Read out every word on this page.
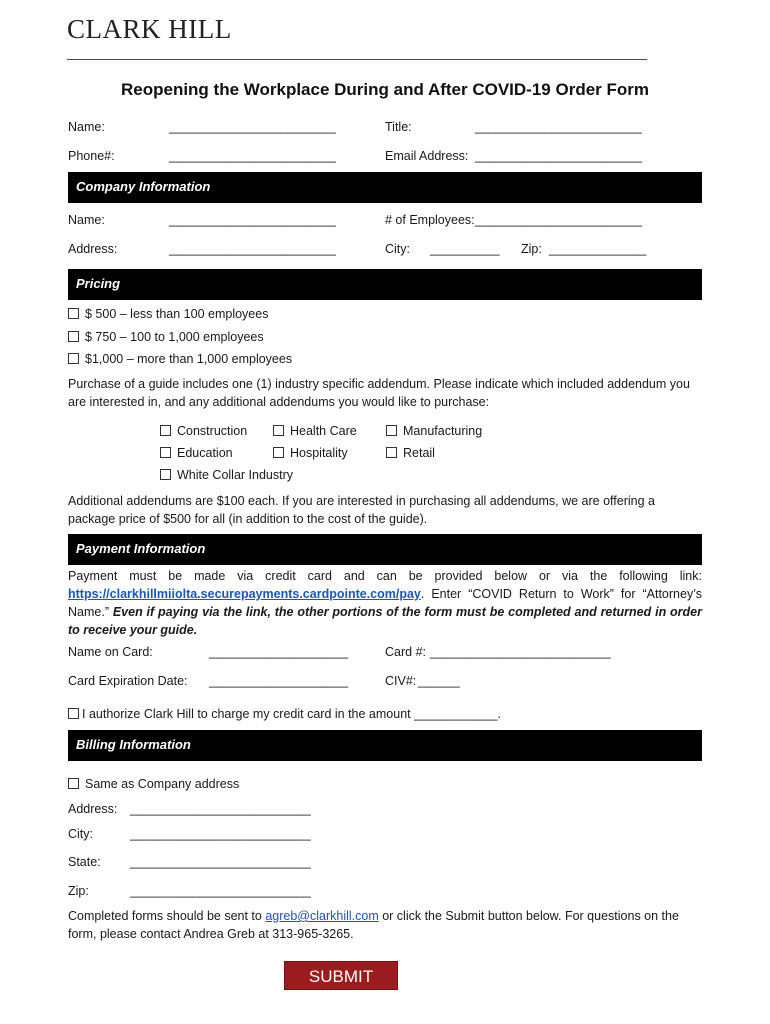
CLARK HILL
Reopening the Workplace During and After COVID-19 Order Form
Name:	________________________	Title:	________________________
Phone#:	________________________	Email Address: ________________________
Company Information
Name:	________________________	# of Employees: ________________________
Address:	________________________	City: __________ Zip: ______________
Pricing
$ 500 – less than 100 employees
$ 750 – 100 to 1,000 employees
$1,000 – more than 1,000 employees
Purchase of a guide includes one (1) industry specific addendum. Please indicate which included addendum you are interested in, and any additional addendums you would like to purchase:
Construction	Health Care	Manufacturing
Education	Hospitality	Retail
White Collar Industry
Additional addendums are $100 each. If you are interested in purchasing all addendums, we are offering a package price of $500 for all (in addition to the cost of the guide).
Payment Information
Payment must be made via credit card and can be provided below or via the following link: https://clarkhillmiiolta.securepayments.cardpointe.com/pay. Enter “COVID Return to Work” for “Attorney’s Name.” Even if paying via the link, the other portions of the form must be completed and returned in order to receive your guide.
Name on Card:	____________________	Card #: __________________________
Card Expiration Date: ____________________	CIV#: ______
I authorize Clark Hill to charge my credit card in the amount ____________.
Billing Information
Same as Company address
Address: __________________________
City:	__________________________
State: __________________________
Zip:	__________________________
Completed forms should be sent to agreb@clarkhill.com or click the Submit button below. For questions on the form, please contact Andrea Greb at 313-965-3265.
SUBMIT
